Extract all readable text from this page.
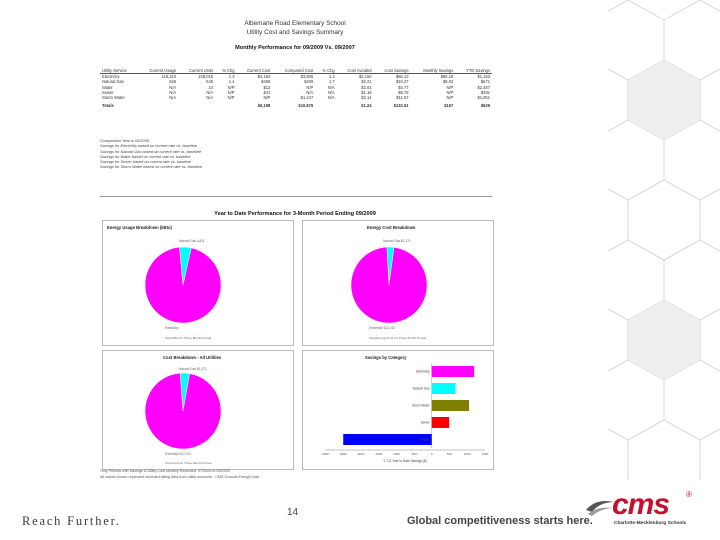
Albemarle Road Elementary School
Utility Cost and Savings Summary
Monthly Performance for 09/2009 Vs. 09/2007
Utility Service	Current Usage	Current Units	% Chg	Current Cost	Compared Cost	% Chg	Cost Avoided	Cost Savings	Monthly Savings	YTD Savings
Electricity	118,310	108,015	1.3	$4,154	$3,806	1.3	$3,150	$86.13	$86.19	$1,193
Natural Gas	526	545	1.4	$406	$409	1.7	$2.21	$10.27	$8.02	$671
Water	N/A	10	N/P	$13	N/P	N/A	$2.04	$4.77	N/P	$2,487
Sewer	N/A	N/A	N/P	$41	N/A	N/A	$1.18	$8.78	N/P	$491
Storm Water	N/A	N/A	N/P	N/P	$1,247	N/A	$2.14	$11.57	N/P	$1,051
Totals				$6,198	$10,676		$1.24	$132.61	$167	$629
Comparison Year is 09/2006
Savings for Electricity based on current rate vs. baseline
Savings for Natural Gas based on current rate vs. baseline
Savings for Water based on current rate vs. baseline
Savings for Sewer based on current rate vs. baseline
Savings for Storm Water based on current rate vs. baseline
Year to Date Performance for 3-Month Period Ending 09/2009
Energy Usage Breakdown (kBtu)
Natural Gas 4,811
Electricity
Total kBtu for Three Month Period
Energy Cost Breakdown
Natural Gas $1,371
Electricity $12,013
Total Energy Cost for Three Month Period
Cost Breakdown - All Utilities
Natural Gas $1,371
Electricity $12,013
Total Cost for Three Month Period
Savings by Category
Electricity
Natural Gas
Storm Water
Sewer
Water
-3000	-2500	-2000	-1500	-1000	-500	0	500	1000	1500
Y-T-D Year to Date Savings ($)
Only Periods with Savings & Utility Cost Monthly Recorded: 07/2009 to 09/2009
All values shown represent recorded billing data from utility accounts - CMS Schools Energy Data
Reach Further.
14
Global competitiveness starts here. cms ®
Charlotte-Mecklenburg Schools
